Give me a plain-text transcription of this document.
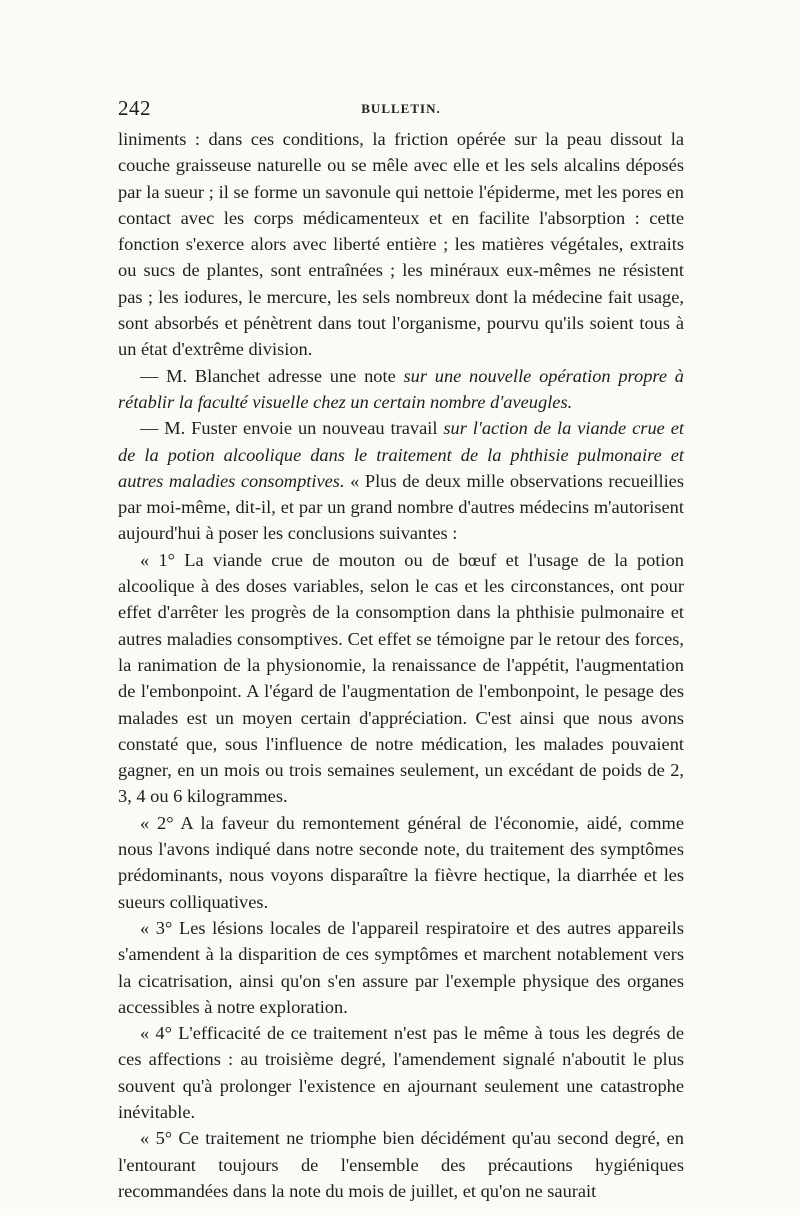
242	BULLETIN.

liniments : dans ces conditions, la friction opérée sur la peau dissout la couche graisseuse naturelle ou se mêle avec elle et les sels alcalins déposés par la sueur ; il se forme un savonule qui nettoie l'épiderme, met les pores en contact avec les corps médicamenteux et en facilite l'absorption : cette fonction s'exerce alors avec liberté entière ; les matières végétales, extraits ou sucs de plantes, sont entraînées ; les minéraux eux-mêmes ne résistent pas ; les iodures, le mercure, les sels nombreux dont la médecine fait usage, sont absorbés et pénètrent dans tout l'organisme, pourvu qu'ils soient tous à un état d'extrême division.

— M. Blanchet adresse une note sur une nouvelle opération propre à rétablir la faculté visuelle chez un certain nombre d'aveugles.

— M. Fuster envoie un nouveau travail sur l'action de la viande crue et de la potion alcoolique dans le traitement de la phthisie pulmonaire et autres maladies consomptives. « Plus de deux mille observations recueillies par moi-même, dit-il, et par un grand nombre d'autres médecins m'autorisent aujourd'hui à poser les conclusions suivantes :

« 1° La viande crue de mouton ou de bœuf et l'usage de la potion alcoolique à des doses variables, selon le cas et les circonstances, ont pour effet d'arrêter les progrès de la consomption dans la phthisie pulmonaire et autres maladies consomptives. Cet effet se témoigne par le retour des forces, la ranimation de la physionomie, la renaissance de l'appétit, l'augmentation de l'embonpoint. A l'égard de l'augmentation de l'embonpoint, le pesage des malades est un moyen certain d'appréciation. C'est ainsi que nous avons constaté que, sous l'influence de notre médication, les malades pouvaient gagner, en un mois ou trois semaines seulement, un excédant de poids de 2, 3, 4 ou 6 kilogrammes.

« 2° A la faveur du remontement général de l'économie, aidé, comme nous l'avons indiqué dans notre seconde note, du traitement des symptômes prédominants, nous voyons disparaître la fièvre hectique, la diarrhée et les sueurs colliquatives.

« 3° Les lésions locales de l'appareil respiratoire et des autres appareils s'amendent à la disparition de ces symptômes et marchent notablement vers la cicatrisation, ainsi qu'on s'en assure par l'exemple physique des organes accessibles à notre exploration.

« 4° L'efficacité de ce traitement n'est pas le même à tous les degrés de ces affections : au troisième degré, l'amendement signalé n'aboutit le plus souvent qu'à prolonger l'existence en ajournant seulement une catastrophe inévitable.

« 5° Ce traitement ne triomphe bien décidément qu'au second degré, en l'entourant toujours de l'ensemble des précautions hygiéniques recommandées dans la note du mois de juillet, et qu'on ne saurait
